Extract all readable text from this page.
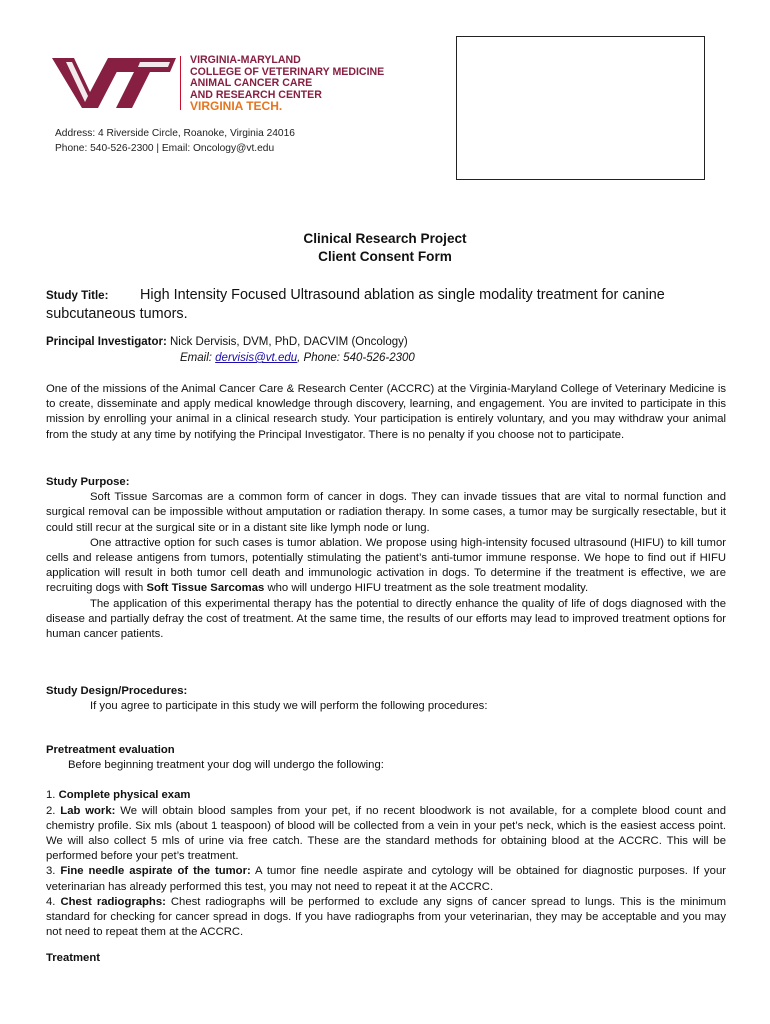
VIRGINIA-MARYLAND
COLLEGE OF VETERINARY MEDICINE
ANIMAL CANCER CARE
AND RESEARCH CENTER
VIRGINIA TECH.
Address: 4 Riverside Circle, Roanoke, Virginia 24016
Phone: 540-526-2300 | Email: Oncology@vt.edu
Clinical Research Project
Client Consent Form
Study Title: High Intensity Focused Ultrasound ablation as single modality treatment for canine subcutaneous tumors.
Principal Investigator: Nick Dervisis, DVM, PhD, DACVIM (Oncology)
Email: dervisis@vt.edu, Phone: 540-526-2300

One of the missions of the Animal Cancer Care & Research Center (ACCRC) at the Virginia-Maryland College of Veterinary Medicine is to create, disseminate and apply medical knowledge through discovery, learning, and engagement. You are invited to participate in this mission by enrolling your animal in a clinical research study. Your participation is entirely voluntary, and you may withdraw your animal from the study at any time by notifying the Principal Investigator. There is no penalty if you choose not to participate.

Study Purpose:

Soft Tissue Sarcomas are a common form of cancer in dogs. They can invade tissues that are vital to normal function and surgical removal can be impossible without amputation or radiation therapy. In some cases, a tumor may be surgically resectable, but it could still recur at the surgical site or in a distant site like lymph node or lung.

One attractive option for such cases is tumor ablation. We propose using high-intensity focused ultrasound (HIFU) to kill tumor cells and release antigens from tumors, potentially stimulating the patient’s anti-tumor immune response. We hope to find out if HIFU application will result in both tumor cell death and immunologic activation in dogs. To determine if the treatment is effective, we are recruiting dogs with Soft Tissue Sarcomas who will undergo HIFU treatment as the sole treatment modality.

The application of this experimental therapy has the potential to directly enhance the quality of life of dogs diagnosed with the disease and partially defray the cost of treatment. At the same time, the results of our efforts may lead to improved treatment options for human cancer patients.

Study Design/Procedures:

If you agree to participate in this study we will perform the following procedures:

Pretreatment evaluation

Before beginning treatment your dog will undergo the following:

1. Complete physical exam

2. Lab work: We will obtain blood samples from your pet, if no recent bloodwork is not available, for a complete blood count and chemistry profile. Six mls (about 1 teaspoon) of blood will be collected from a vein in your pet’s neck, which is the easiest access point. We will also collect 5 mls of urine via free catch. These are the standard methods for obtaining blood at the ACCRC. This will be performed before your pet’s treatment.

3. Fine needle aspirate of the tumor: A tumor fine needle aspirate and cytology will be obtained for diagnostic purposes. If your veterinarian has already performed this test, you may not need to repeat it at the ACCRC.

4. Chest radiographs: Chest radiographs will be performed to exclude any signs of cancer spread to lungs. This is the minimum standard for checking for cancer spread in dogs. If you have radiographs from your veterinarian, they may be acceptable and you may not need to repeat them at the ACCRC.

Treatment
